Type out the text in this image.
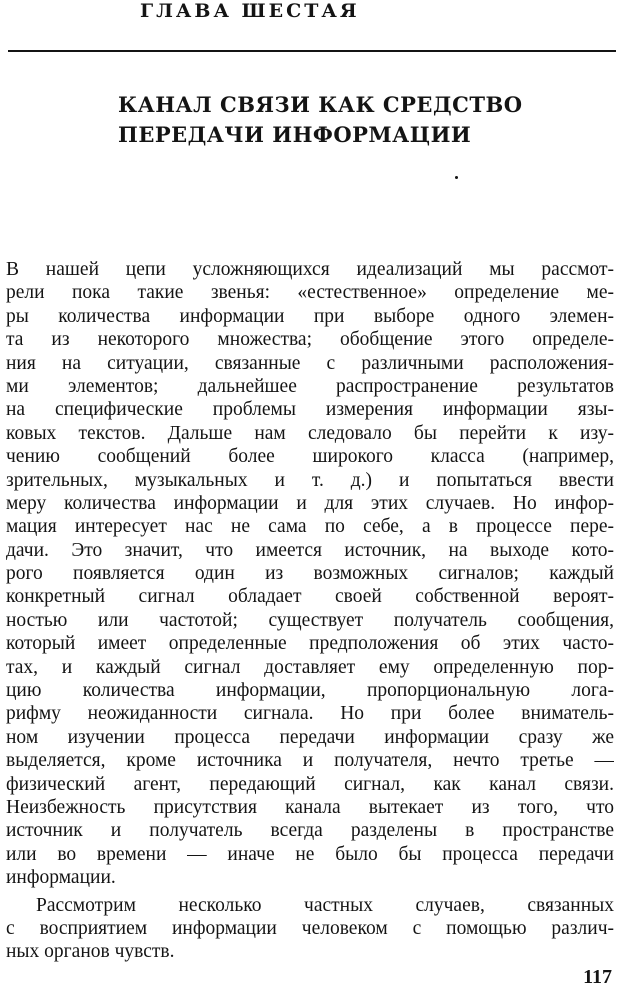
ГЛАВА ШЕСТАЯ
КАНАЛ СВЯЗИ КАК СРЕДСТВО
ПЕРЕДАЧИ ИНФОРМАЦИИ
В нашей цепи усложняющихся идеализаций мы рассмот-
рели пока такие звенья: «естественное» определение ме-
ры количества информации при выборе одного элемен-
та из некоторого множества; обобщение этого определе-
ния на ситуации, связанные с различными расположения-
ми элементов; дальнейшее распространение результатов
на специфические проблемы измерения информации язы-
ковых текстов. Дальше нам следовало бы перейти к изу-
чению сообщений более широкого класса (например,
зрительных, музыкальных и т. д.) и попытаться ввести
меру количества информации и для этих случаев. Но инфор-
мация интересует нас не сама по себе, а в процессе пере-
дачи. Это значит, что имеется источник, на выходе кото-
рого появляется один из возможных сигналов; каждый
конкретный сигнал обладает своей собственной вероят-
ностью или частотой; существует получатель сообщения,
который имеет определенные предположения об этих часто-
тах, и каждый сигнал доставляет ему определенную пор-
цию количества информации, пропорциональную лога-
рифму неожиданности сигнала. Но при более вниматель-
ном изучении процесса передачи информации сразу же
выделяется, кроме источника и получателя, нечто третье —
физический агент, передающий сигнал, как канал связи.
Неизбежность присутствия канала вытекает из того, что
источник и получатель всегда разделены в пространстве
или во времени — иначе не было бы процесса передачи
информации.
Рассмотрим несколько частных случаев, связанных
с восприятием информации человеком с помощью различ-
ных органов чувств.
117
